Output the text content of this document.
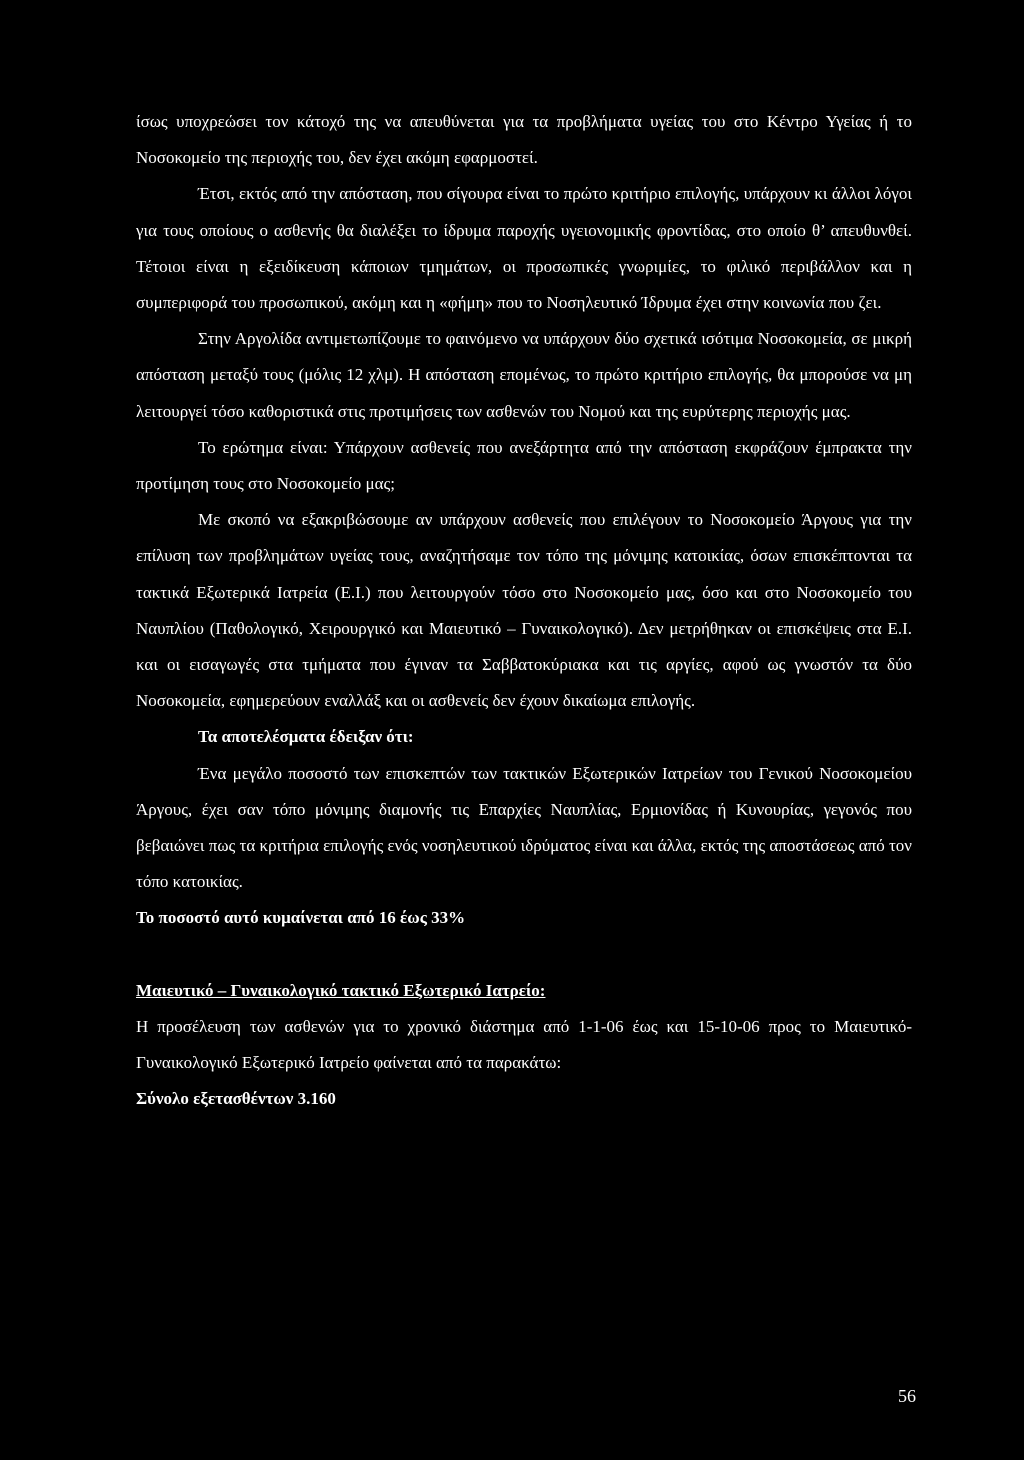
ίσως υποχρεώσει τον κάτοχό της να απευθύνεται για τα προβλήματα υγείας του στο Κέντρο Υγείας ή το Νοσοκομείο της περιοχής του, δεν έχει ακόμη εφαρμοστεί.

Έτσι, εκτός από την απόσταση, που σίγουρα είναι το πρώτο κριτήριο επιλογής, υπάρχουν κι άλλοι λόγοι για τους οποίους ο ασθενής θα διαλέξει το ίδρυμα παροχής υγειονομικής φροντίδας, στο οποίο θ’ απευθυνθεί. Τέτοιοι είναι η εξειδίκευση κάποιων τμημάτων, οι προσωπικές γνωριμίες, το φιλικό περιβάλλον και η συμπεριφορά του προσωπικού, ακόμη και η «φήμη» που το Νοσηλευτικό Ίδρυμα έχει στην κοινωνία που ζει.

Στην Αργολίδα αντιμετωπίζουμε το φαινόμενο να υπάρχουν δύο σχετικά ισότιμα Νοσοκομεία, σε μικρή απόσταση μεταξύ τους (μόλις 12 χλμ). Η απόσταση επομένως, το πρώτο κριτήριο επιλογής, θα μπορούσε να μη λειτουργεί τόσο καθοριστικά στις προτιμήσεις των ασθενών του Νομού και της ευρύτερης περιοχής μας.

Το ερώτημα είναι: Υπάρχουν ασθενείς που ανεξάρτητα από την απόσταση εκφράζουν έμπρακτα την προτίμηση τους στο Νοσοκομείο μας;

Με σκοπό να εξακριβώσουμε αν υπάρχουν ασθενείς που επιλέγουν το Νοσοκομείο Άργους για την επίλυση των προβλημάτων υγείας τους, αναζητήσαμε τον τόπο της μόνιμης κατοικίας, όσων επισκέπτονται τα τακτικά Εξωτερικά Ιατρεία (Ε.Ι.) που λειτουργούν τόσο στο Νοσοκομείο μας, όσο και στο Νοσοκομείο του Ναυπλίου (Παθολογικό, Χειρουργικό και Μαιευτικό – Γυναικολογικό). Δεν μετρήθηκαν οι επισκέψεις στα Ε.Ι. και οι εισαγωγές στα τμήματα που έγιναν τα Σαββατοκύριακα και τις αργίες, αφού ως γνωστόν τα δύο Νοσοκομεία, εφημερεύουν εναλλάξ και οι ασθενείς δεν έχουν δικαίωμα επιλογής.

Τα αποτελέσματα έδειξαν ότι:

Ένα μεγάλο ποσοστό των επισκεπτών των τακτικών Εξωτερικών Ιατρείων του Γενικού Νοσοκομείου Άργους, έχει σαν τόπο μόνιμης διαμονής τις Επαρχίες Ναυπλίας, Ερμιονίδας ή Κυνουρίας, γεγονός που βεβαιώνει πως τα κριτήρια επιλογής ενός νοσηλευτικού ιδρύματος είναι και άλλα, εκτός της αποστάσεως από τον τόπο κατοικίας.

Το ποσοστό αυτό κυμαίνεται από 16 έως 33%

Μαιευτικό – Γυναικολογικό τακτικό Εξωτερικό Ιατρείο:

Η προσέλευση των ασθενών για το χρονικό διάστημα από 1-1-06 έως και 15-10-06 προς το Μαιευτικό-Γυναικολογικό Εξωτερικό Ιατρείο φαίνεται από τα παρακάτω:

Σύνολο εξετασθέντων 3.160

56
